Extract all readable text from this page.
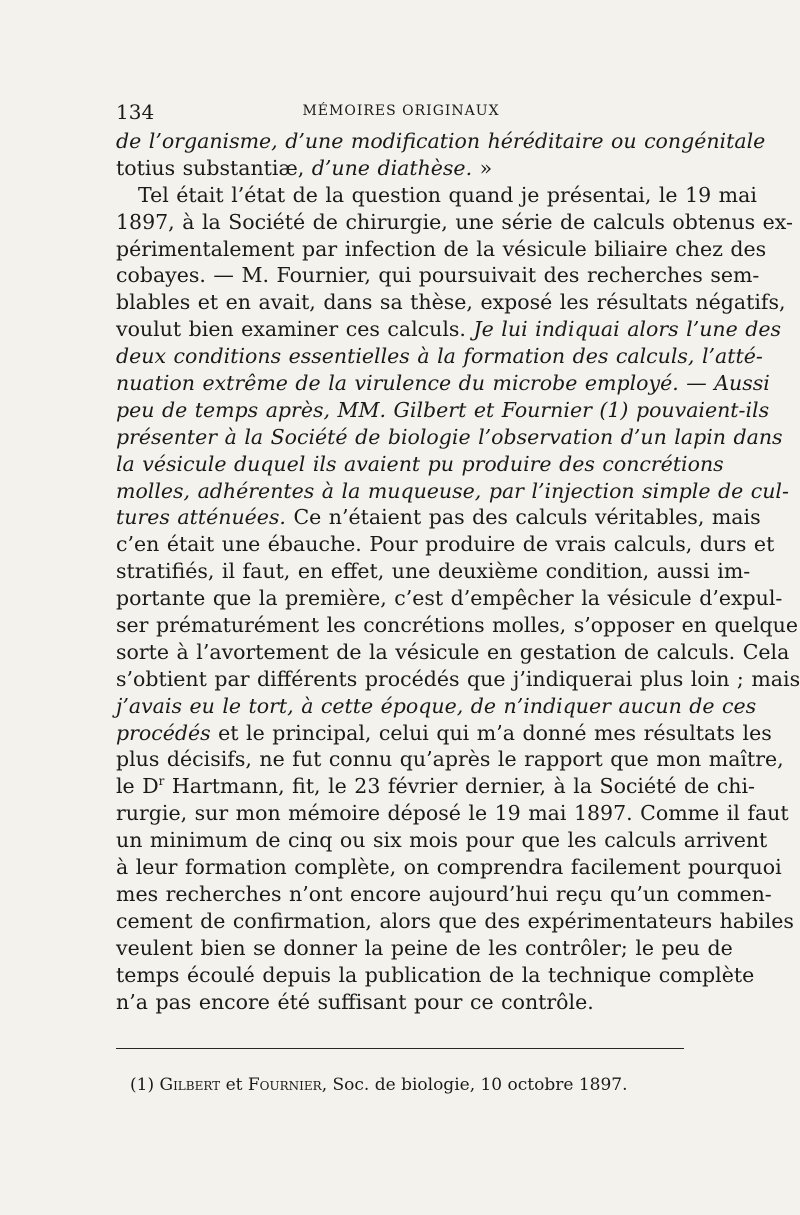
134	MÉMOIRES ORIGINAUX
de l’organisme, d’une modification héréditaire ou congénitale
totius substantiæ, d’une diathèse. »
Tel était l’état de la question quand je présentai, le 19 mai
1897, à la Société de chirurgie, une série de calculs obtenus ex-
périmentalement par infection de la vésicule biliaire chez des
cobayes. — M. Fournier, qui poursuivait des recherches sem-
blables et en avait, dans sa thèse, exposé les résultats négatifs,
voulut bien examiner ces calculs. Je lui indiquai alors l’une des
deux conditions essentielles à la formation des calculs, l’atté-
nuation extrême de la virulence du microbe employé. — Aussi
peu de temps après, MM. Gilbert et Fournier (1) pouvaient-ils
présenter à la Société de biologie l’observation d’un lapin dans
la vésicule duquel ils avaient pu produire des concrétions
molles, adhérentes à la muqueuse, par l’injection simple de cul-
tures atténuées. Ce n’étaient pas des calculs véritables, mais
c’en était une ébauche. Pour produire de vrais calculs, durs et
stratifiés, il faut, en effet, une deuxième condition, aussi im-
portante que la première, c’est d’empêcher la vésicule d’expul-
ser prématurément les concrétions molles, s’opposer en quelque
sorte à l’avortement de la vésicule en gestation de calculs. Cela
s’obtient par différents procédés que j’indiquerai plus loin ; mais
j’avais eu le tort, à cette époque, de n’indiquer aucun de ces
procédés et le principal, celui qui m’a donné mes résultats les
plus décisifs, ne fut connu qu’après le rapport que mon maître,
le $D^r$ Hartmann, fit, le 23 février dernier, à la Société de chi-
rurgie, sur mon mémoire déposé le 19 mai 1897. Comme il faut
un minimum de cinq ou six mois pour que les calculs arrivent
à leur formation complète, on comprendra facilement pourquoi
mes recherches n’ont encore aujourd’hui reçu qu’un commen-
cement de confirmation, alors que des expérimentateurs habiles
veulent bien se donner la peine de les contrôler; le peu de
temps écoulé depuis la publication de la technique complète
n’a pas encore été suffisant pour ce contrôle.
(1) Gilbert et Fournier, Soc. de biologie, 10 octobre 1897.
